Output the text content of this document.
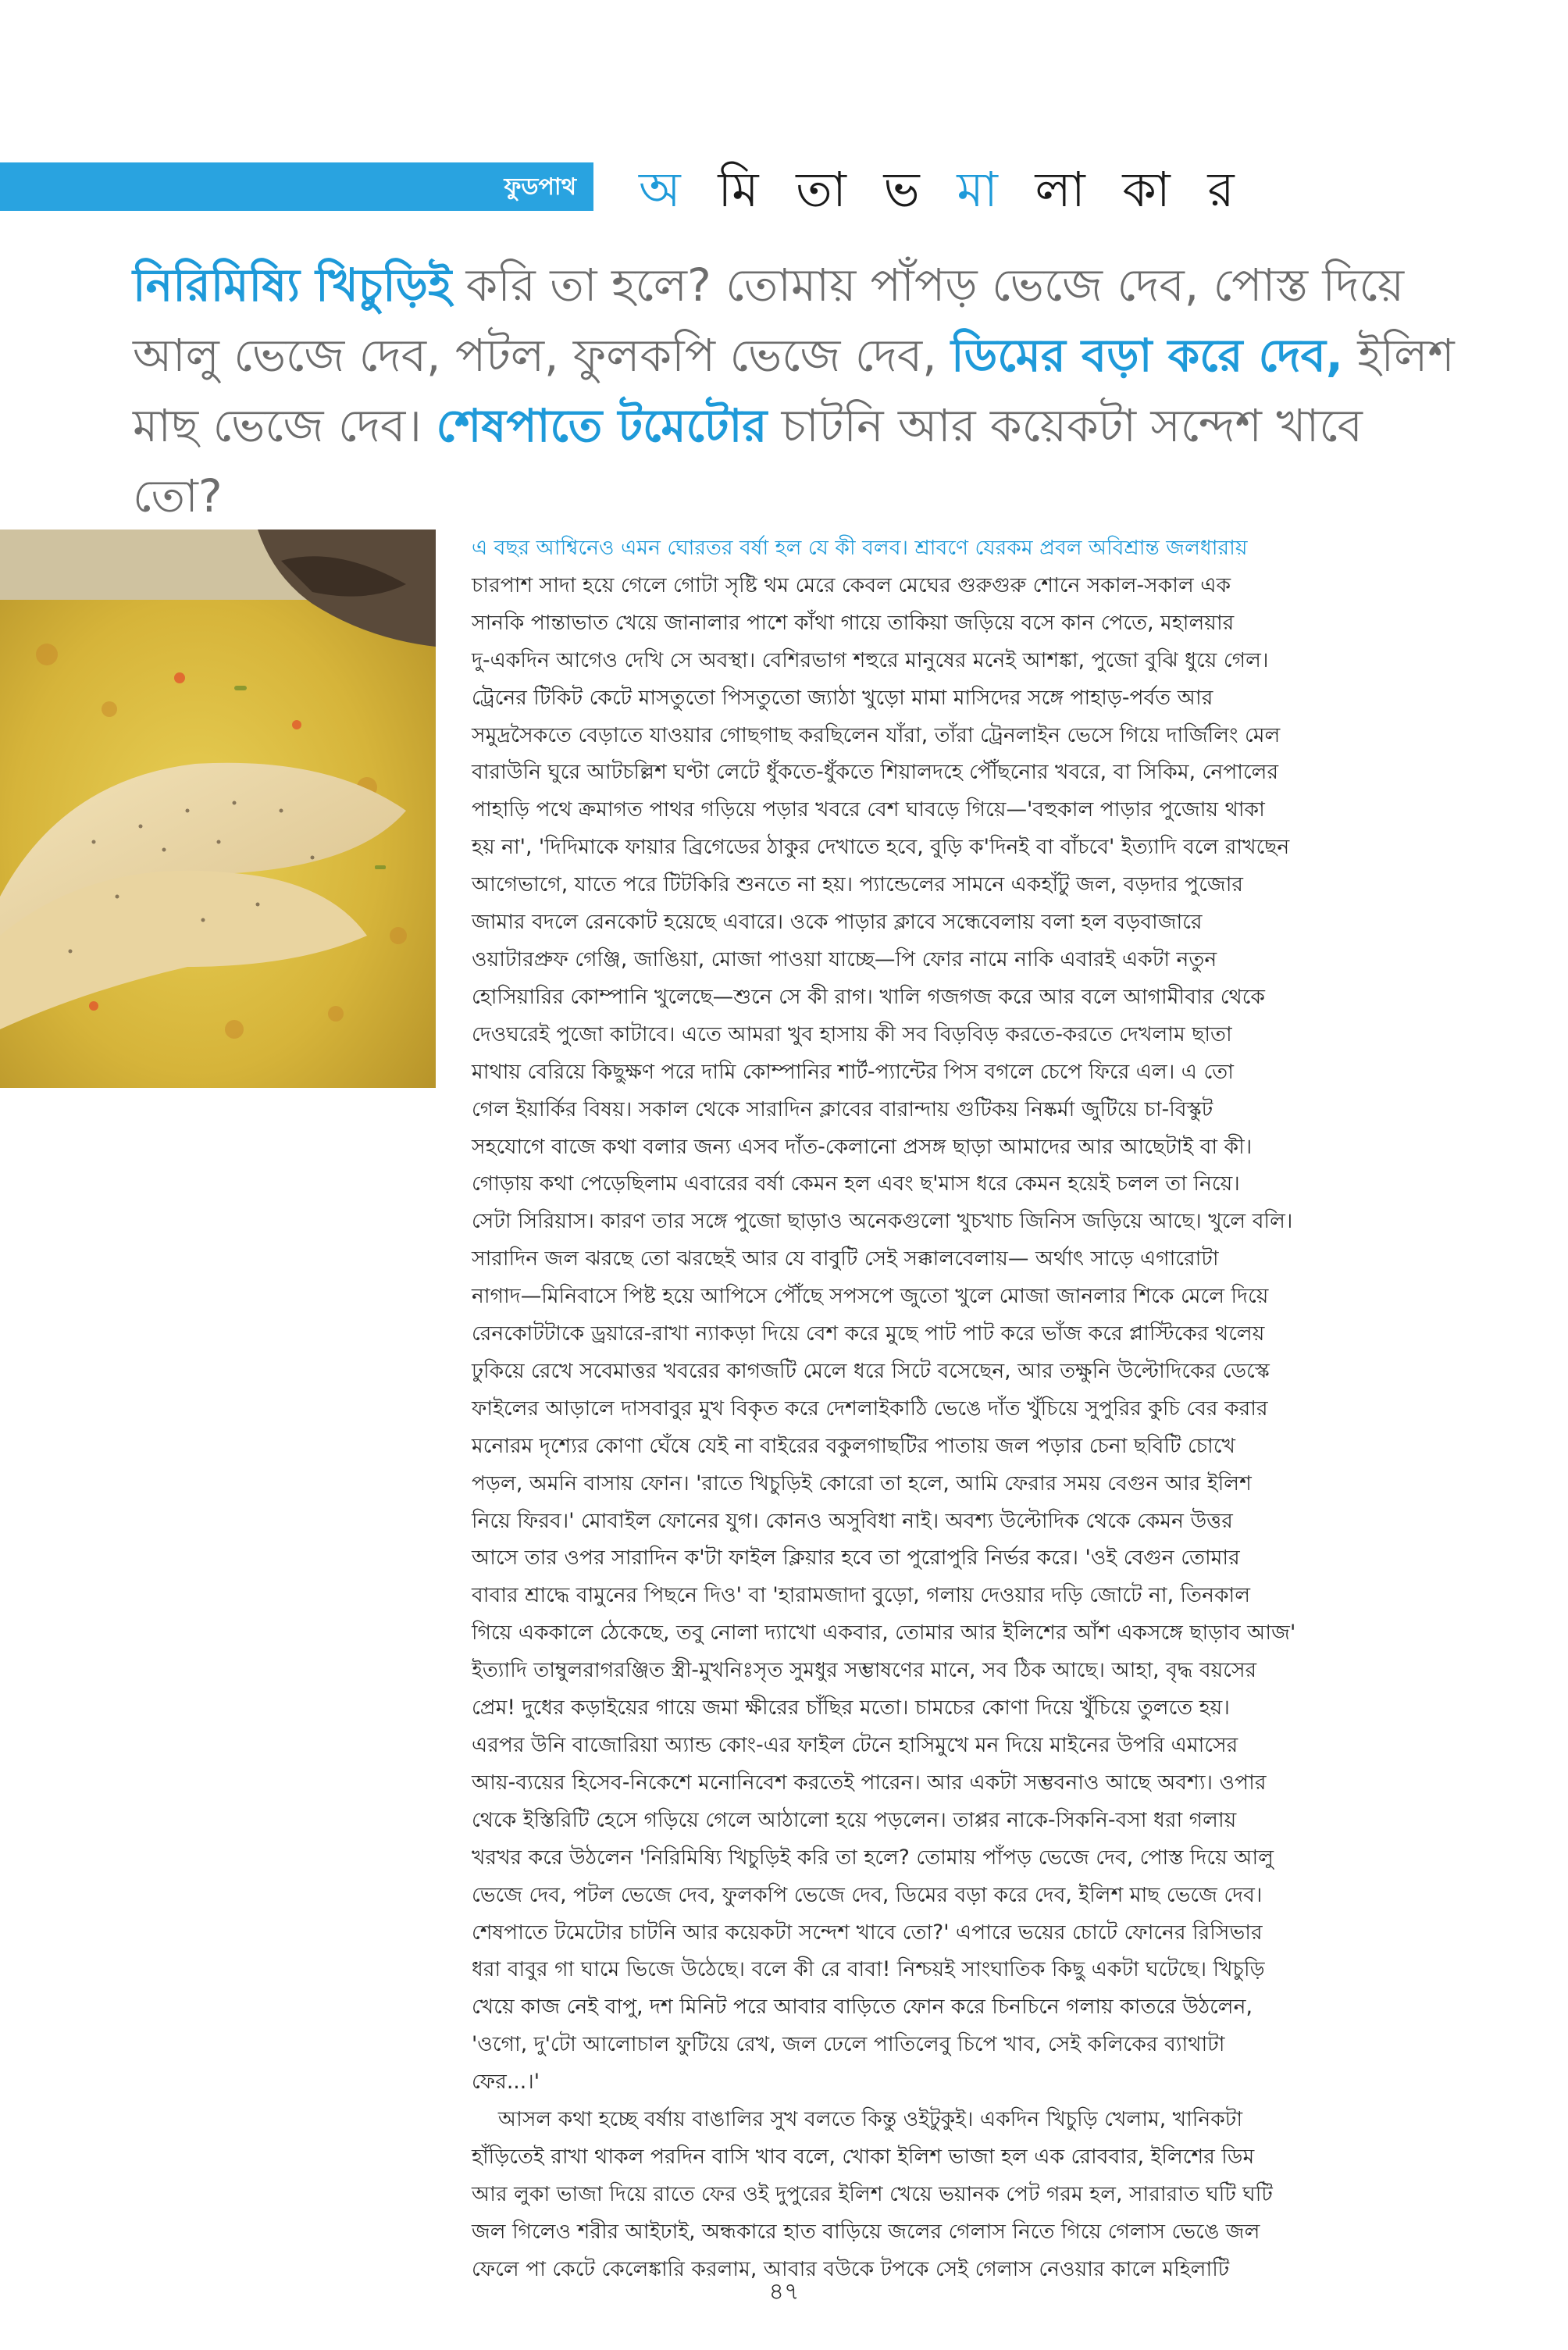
ফুডপাথ অ মি তা ভ মা লা কা র
নিরিমিষ্যি খিচুড়িই করি তা হলে? তোমায় পাঁপড় ভেজে দেব, পোস্ত দিয়ে
আলু ভেজে দেব, পটল, ফুলকপি ভেজে দেব, ডিমের বড়া করে দেব, ইলিশ
মাছ ভেজে দেব। শেষপাতে টমেটোর চাটনি আর কয়েকটা সন্দেশ খাবে তো?
এ বছর আশ্বিনেও এমন ঘোরতর বর্ষা হল যে কী বলব। শ্রাবণে যেরকম প্রবল অবিশ্রান্ত জলধারায়
চারপাশ সাদা হয়ে গেলে গোটা সৃষ্টি থম মেরে কেবল মেঘের গুরুগুরু শোনে সকাল-সকাল এক
সানকি পান্তাভাত খেয়ে জানালার পাশে কাঁথা গায়ে তাকিয়া জড়িয়ে বসে কান পেতে, মহালয়ার
দু-একদিন আগেও দেখি সে অবস্থা। বেশিরভাগ শহুরে মানুষের মনেই আশঙ্কা, পুজো বুঝি ধুয়ে গেল।
ট্রেনের টিকিট কেটে মাসতুতো পিসতুতো জ্যাঠা খুড়ো মামা মাসিদের সঙ্গে পাহাড়-পর্বত আর
সমুদ্রসৈকতে বেড়াতে যাওয়ার গোছগাছ করছিলেন যাঁরা, তাঁরা ট্রেনলাইন ভেসে গিয়ে দার্জিলিং মেল
বারাউনি ঘুরে আটচল্লিশ ঘণ্টা লেটে ধুঁকতে-ধুঁকতে শিয়ালদহে পৌঁছনোর খবরে, বা সিকিম, নেপালের
পাহাড়ি পথে ক্রমাগত পাথর গড়িয়ে পড়ার খবরে বেশ ঘাবড়ে গিয়ে—'বহুকাল পাড়ার পুজোয় থাকা
হয় না', 'দিদিমাকে ফায়ার ব্রিগেডের ঠাকুর দেখাতে হবে, বুড়ি ক'দিনই বা বাঁচবে' ইত্যাদি বলে রাখছেন
আগেভাগে, যাতে পরে টিটকিরি শুনতে না হয়। প্যান্ডেলের সামনে একহাঁটু জল, বড়দার পুজোর
জামার বদলে রেনকোট হয়েছে এবারে। ওকে পাড়ার ক্লাবে সন্ধেবেলায় বলা হল বড়বাজারে
ওয়াটারপ্রুফ গেঞ্জি, জাঙিয়া, মোজা পাওয়া যাচ্ছে—পি ফোর নামে নাকি এবারই একটা নতুন
হোসিয়ারির কোম্পানি খুলেছে—শুনে সে কী রাগ। খালি গজগজ করে আর বলে আগামীবার থেকে
দেওঘরেই পুজো কাটাবে। এতে আমরা খুব হাসায় কী সব বিড়বিড় করতে-করতে দেখলাম ছাতা
মাথায় বেরিয়ে কিছুক্ষণ পরে দামি কোম্পানির শার্ট-প্যান্টের পিস বগলে চেপে ফিরে এল। এ তো
গেল ইয়ার্কির বিষয়। সকাল থেকে সারাদিন ক্লাবের বারান্দায় গুটিকয় নিষ্কর্মা জুটিয়ে চা-বিস্কুট
সহযোগে বাজে কথা বলার জন্য এসব দাঁত-কেলানো প্রসঙ্গ ছাড়া আমাদের আর আছেটাই বা কী।
গোড়ায় কথা পেড়েছিলাম এবারের বর্ষা কেমন হল এবং ছ'মাস ধরে কেমন হয়েই চলল তা নিয়ে।
সেটা সিরিয়াস। কারণ তার সঙ্গে পুজো ছাড়াও অনেকগুলো খুচখাচ জিনিস জড়িয়ে আছে। খুলে বলি।
সারাদিন জল ঝরছে তো ঝরছেই আর যে বাবুটি সেই সক্কালবেলায়— অর্থাৎ সাড়ে এগারোটা
নাগাদ—মিনিবাসে পিষ্ট হয়ে আপিসে পৌঁছে সপসপে জুতো খুলে মোজা জানলার শিকে মেলে দিয়ে
রেনকোটটাকে ড্রয়ারে-রাখা ন্যাকড়া দিয়ে বেশ করে মুছে পাট পাট করে ভাঁজ করে প্লাস্টিকের থলেয়
ঢুকিয়ে রেখে সবেমাত্তর খবরের কাগজটি মেলে ধরে সিটে বসেছেন, আর তক্ষুনি উল্টোদিকের ডেস্কে
ফাইলের আড়ালে দাসবাবুর মুখ বিকৃত করে দেশলাইকাঠি ভেঙে দাঁত খুঁচিয়ে সুপুরির কুচি বের করার
মনোরম দৃশ্যের কোণা ঘেঁষে যেই না বাইরের বকুলগাছটির পাতায় জল পড়ার চেনা ছবিটি চোখে
পড়ল, অমনি বাসায় ফোন। 'রাতে খিচুড়িই কোরো তা হলে, আমি ফেরার সময় বেগুন আর ইলিশ
নিয়ে ফিরব।' মোবাইল ফোনের যুগ। কোনও অসুবিধা নাই। অবশ্য উল্টোদিক থেকে কেমন উত্তর
আসে তার ওপর সারাদিন ক'টা ফাইল ক্লিয়ার হবে তা পুরোপুরি নির্ভর করে। 'ওই বেগুন তোমার
বাবার শ্রাদ্ধে বামুনের পিছনে দিও' বা 'হারামজাদা বুড়ো, গলায় দেওয়ার দড়ি জোটে না, তিনকাল
গিয়ে এককালে ঠেকেছে, তবু নোলা দ্যাখো একবার, তোমার আর ইলিশের আঁশ একসঙ্গে ছাড়াব আজ'
ইত্যাদি তাম্বুলরাগরঞ্জিত স্ত্রী-মুখনিঃসৃত সুমধুর সম্ভাষণের মানে, সব ঠিক আছে। আহা, বৃদ্ধ বয়সের
প্রেম! দুধের কড়াইয়ের গায়ে জমা ক্ষীরের চাঁছির মতো। চামচের কোণা দিয়ে খুঁচিয়ে তুলতে হয়।
এরপর উনি বাজোরিয়া অ্যান্ড কোং-এর ফাইল টেনে হাসিমুখে মন দিয়ে মাইনের উপরি এমাসের
আয়-ব্যয়ের হিসেব-নিকেশে মনোনিবেশ করতেই পারেন। আর একটা সম্ভবনাও আছে অবশ্য। ওপার
থেকে ইস্তিরিটি হেসে গড়িয়ে গেলে আঠালো হয়ে পড়লেন। তাপ্পর নাকে-সিকনি-বসা ধরা গলায়
খরখর করে উঠলেন 'নিরিমিষ্যি খিচুড়িই করি তা হলে? তোমায় পাঁপড় ভেজে দেব, পোস্ত দিয়ে আলু
ভেজে দেব, পটল ভেজে দেব, ফুলকপি ভেজে দেব, ডিমের বড়া করে দেব, ইলিশ মাছ ভেজে দেব।
শেষপাতে টমেটোর চাটনি আর কয়েকটা সন্দেশ খাবে তো?' এপারে ভয়ের চোটে ফোনের রিসিভার
ধরা বাবুর গা ঘামে ভিজে উঠেছে। বলে কী রে বাবা! নিশ্চয়ই সাংঘাতিক কিছু একটা ঘটেছে। খিচুড়ি
খেয়ে কাজ নেই বাপু, দশ মিনিট পরে আবার বাড়িতে ফোন করে চিনচিনে গলায় কাতরে উঠলেন,
'ওগো, দু'টো আলোচাল ফুটিয়ে রেখ, জল ঢেলে পাতিলেবু চিপে খাব, সেই কলিকের ব্যাথাটা
ফের...।'
আসল কথা হচ্ছে বর্ষায় বাঙালির সুখ বলতে কিন্তু ওইটুকুই। একদিন খিচুড়ি খেলাম, খানিকটা
হাঁড়িতেই রাখা থাকল পরদিন বাসি খাব বলে, খোকা ইলিশ ভাজা হল এক রোববার, ইলিশের ডিম
আর লুকা ভাজা দিয়ে রাতে ফের ওই দুপুরের ইলিশ খেয়ে ভয়ানক পেট গরম হল, সারারাত ঘটি ঘটি
জল গিলেও শরীর আইঢাই, অন্ধকারে হাত বাড়িয়ে জলের গেলাস নিতে গিয়ে গেলাস ভেঙে জল
ফেলে পা কেটে কেলেঙ্কারি করলাম, আবার বউকে টপকে সেই গেলাস নেওয়ার কালে মহিলাটি
৪৭
